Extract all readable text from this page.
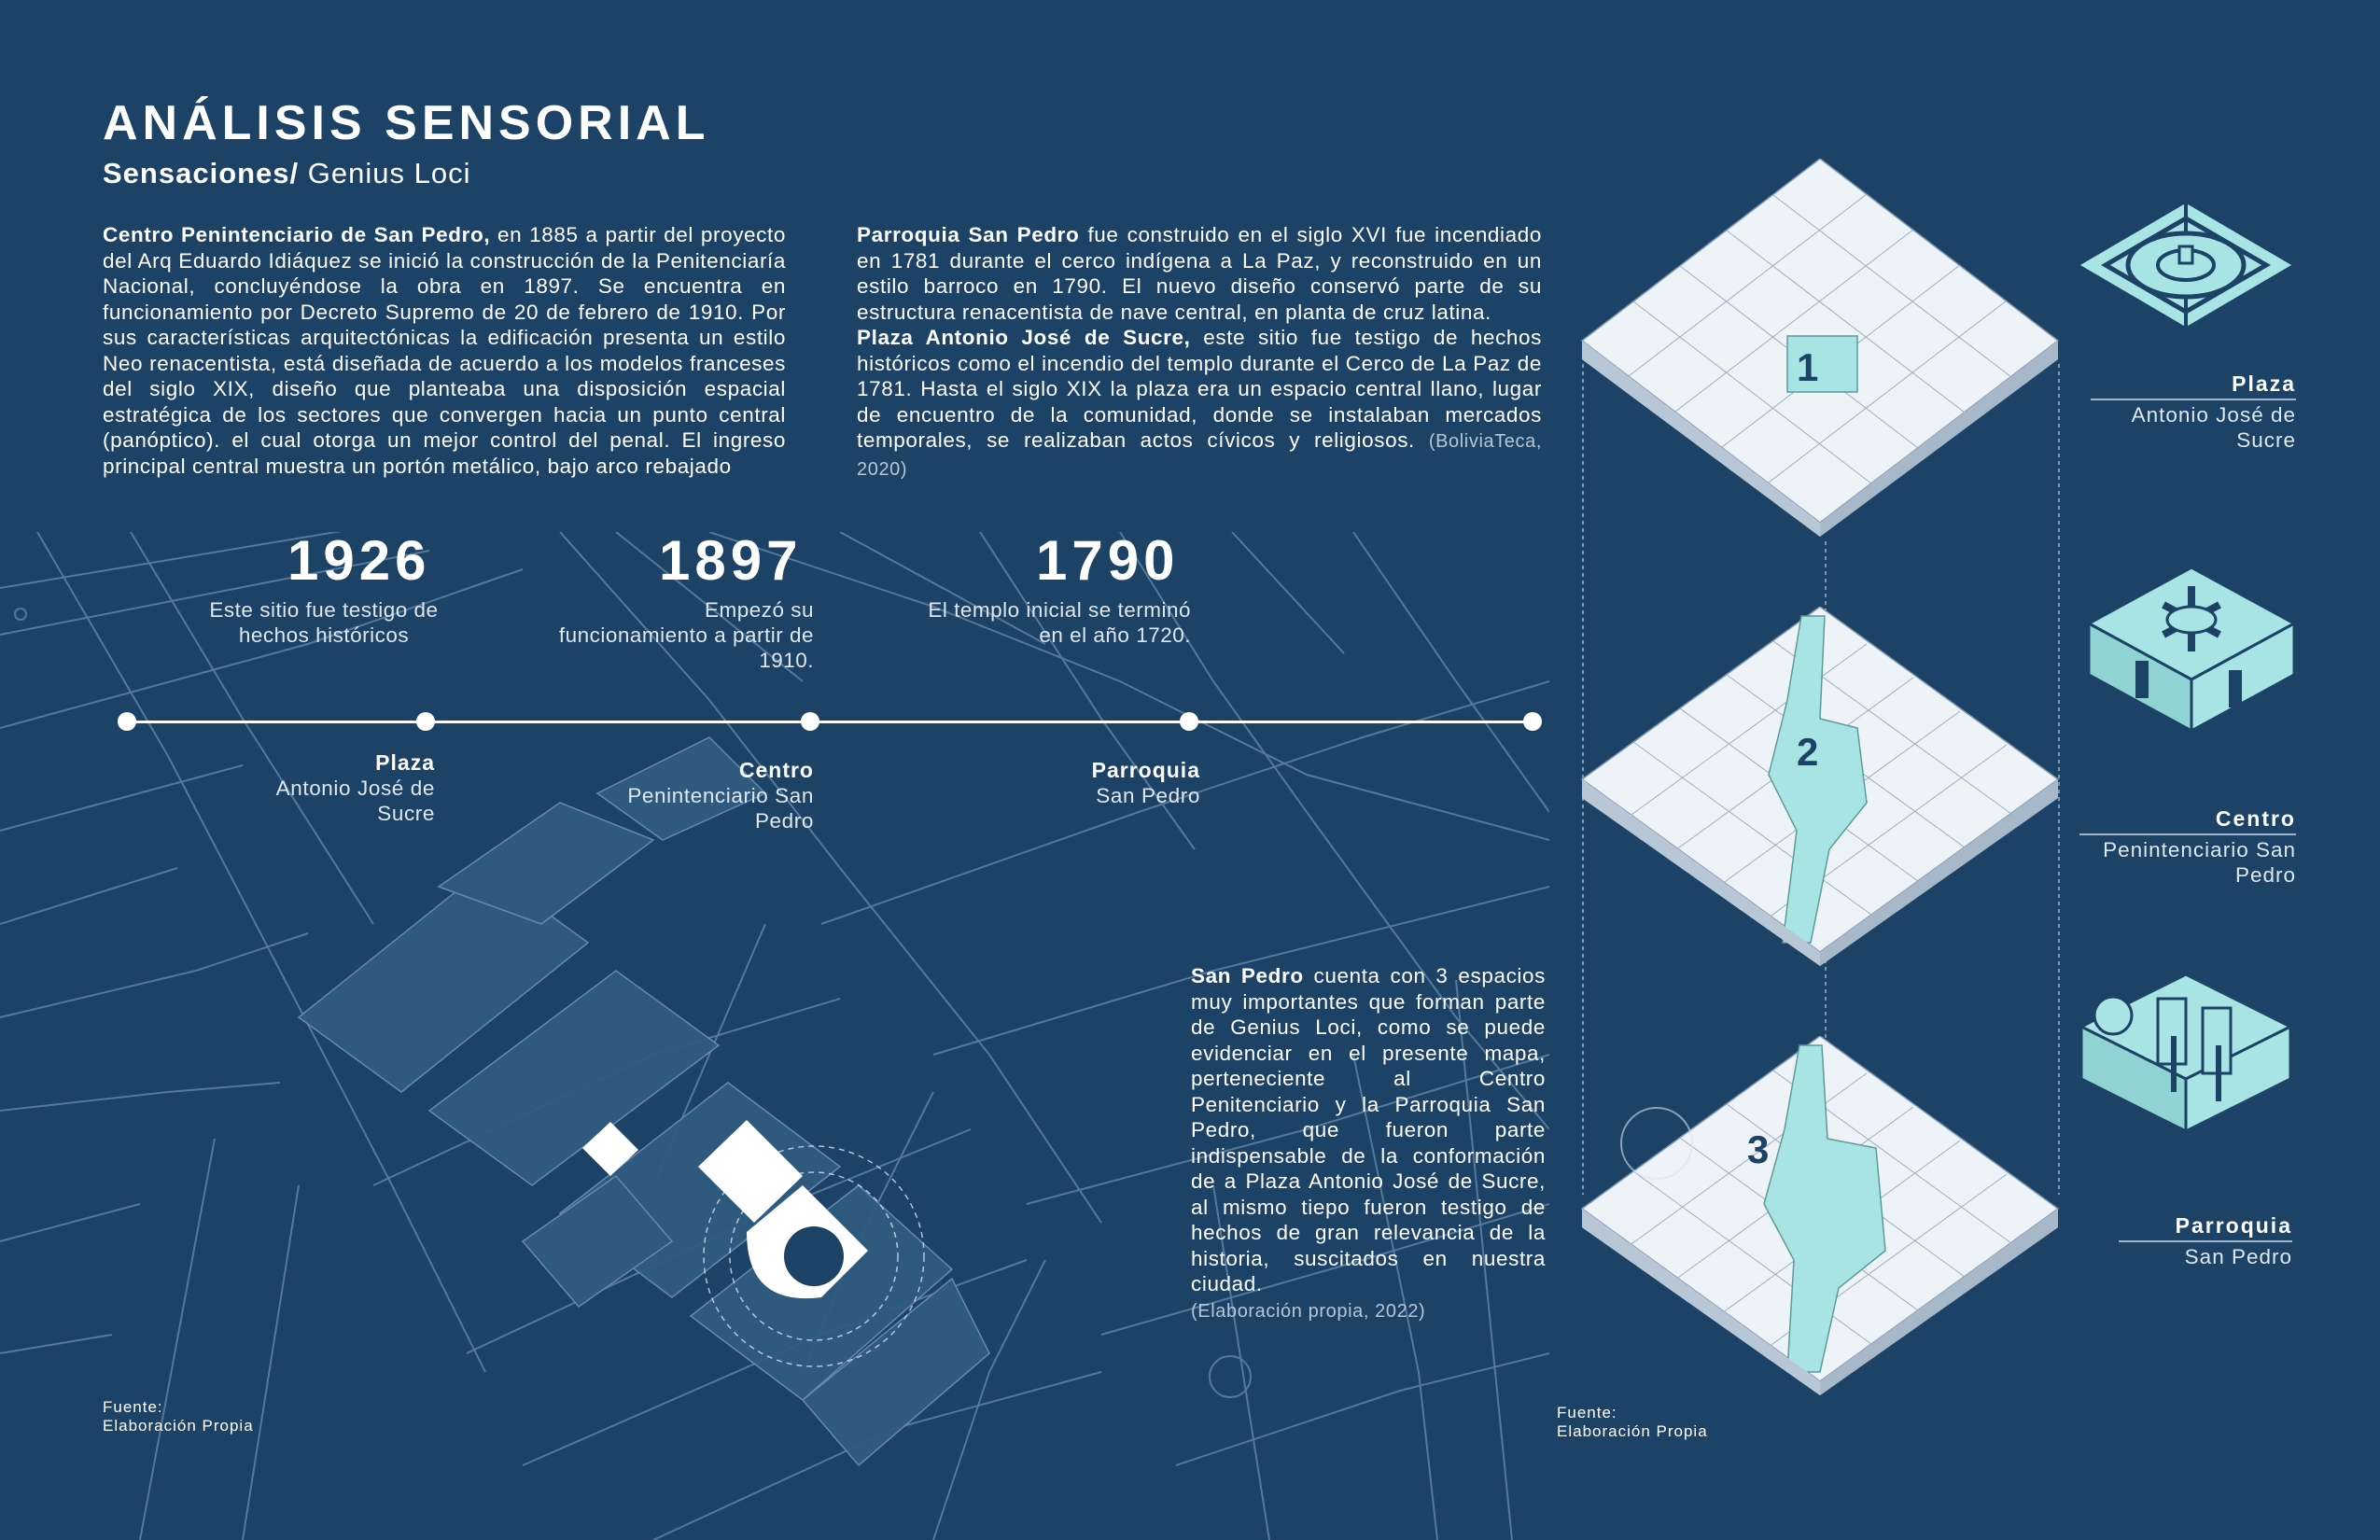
ANÁLISIS SENSORIAL
Sensaciones/ Genius Loci

Centro Penintenciario de San Pedro, en 1885 a partir del proyecto del Arq Eduardo Idiáquez se inició la construcción de la Penitenciaría Nacional, concluyéndose la obra en 1897. Se encuentra en funcionamiento por Decreto Supremo de 20 de febrero de 1910. Por sus características arquitectónicas la edificación presenta un estilo Neo renacentista, está diseñada de acuerdo a los modelos franceses del siglo XIX, diseño que planteaba una disposición espacial estratégica de los sectores que convergen hacia un punto central (panóptico). el cual otorga un mejor control del penal. El ingreso principal central muestra un portón metálico, bajo arco rebajado

Parroquia San Pedro fue construido en el siglo XVI fue incendiado en 1781 durante el cerco indígena a La Paz, y reconstruido en un estilo barroco en 1790. El nuevo diseño conservó parte de su estructura renacentista de nave central, en planta de cruz latina.

Plaza Antonio José de Sucre, este sitio fue testigo de hechos históricos como el incendio del templo durante el Cerco de La Paz de 1781. Hasta el siglo XIX la plaza era un espacio central llano, lugar de encuentro de la comunidad, donde se instalaban mercados temporales, se realizaban actos cívicos y religiosos. (BoliviaTeca, 2020)

1926
Este sitio fue testigo de hechos históricos
1897
Empezó su funcionamiento a partir de 1910.
1790
El templo inicial se terminó en el año 1720.
Plaza
Antonio José de Sucre
Centro
Penintenciario San Pedro
Parroquia
San Pedro

San Pedro cuenta con 3 espacios muy importantes que forman parte de Genius Loci, como se puede evidenciar en el presente mapa, perteneciente al Centro Penitenciario y la Parroquia San Pedro, que fueron parte indispensable de la conformación de a Plaza Antonio José de Sucre, al mismo tiepo fueron testigo de hechos de gran relevancia de la historia, suscitados en nuestra ciudad.
(Elaboración propia, 2022)

Fuente:
Elaboración Propia
Fuente:
Elaboración Propia
1
2
3
Plaza
Antonio José de Sucre
Centro
Penintenciario San Pedro
Parroquia
San Pedro
